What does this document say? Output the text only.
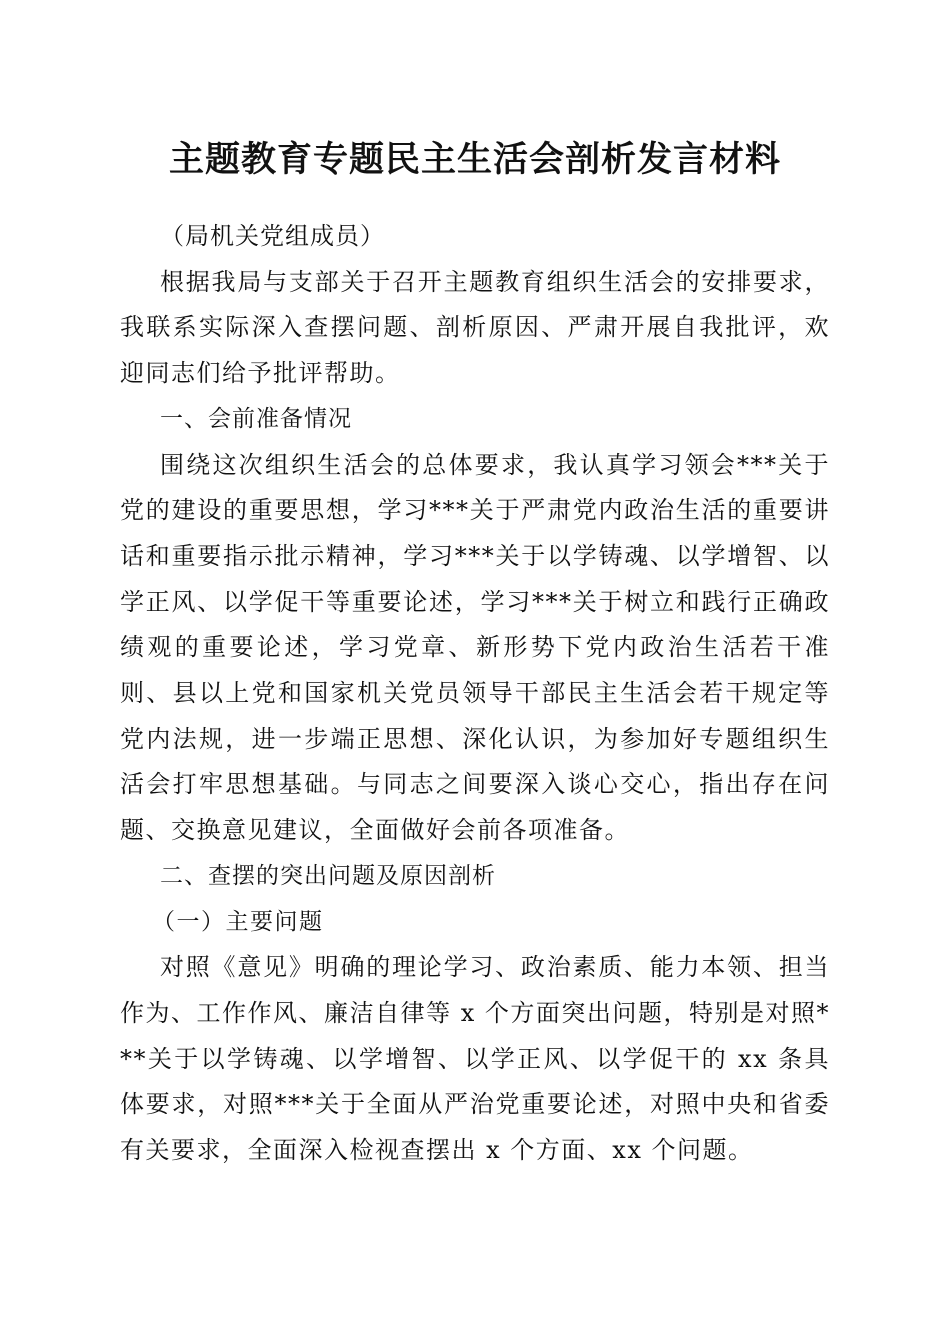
主题教育专题民主生活会剖析发言材料

（局机关党组成员）

根据我局与支部关于召开主题教育组织生活会的安排要求，我联系实际深入查摆问题、剖析原因、严肃开展自我批评，欢迎同志们给予批评帮助。

一、会前准备情况

围绕这次组织生活会的总体要求，我认真学习领会***关于党的建设的重要思想，学习***关于严肃党内政治生活的重要讲话和重要指示批示精神，学习***关于以学铸魂、以学增智、以学正风、以学促干等重要论述，学习***关于树立和践行正确政绩观的重要论述，学习党章、新形势下党内政治生活若干准则、县以上党和国家机关党员领导干部民主生活会若干规定等党内法规，进一步端正思想、深化认识，为参加好专题组织生活会打牢思想基础。与同志之间要深入谈心交心，指出存在问题、交换意见建议，全面做好会前各项准备。

二、查摆的突出问题及原因剖析

（一）主要问题

对照《意见》明确的理论学习、政治素质、能力本领、担当作为、工作作风、廉洁自律等 x 个方面突出问题，特别是对照***关于以学铸魂、以学增智、以学正风、以学促干的 xx 条具体要求，对照***关于全面从严治党重要论述，对照中央和省委有关要求，全面深入检视查摆出 x 个方面、xx 个问题。
